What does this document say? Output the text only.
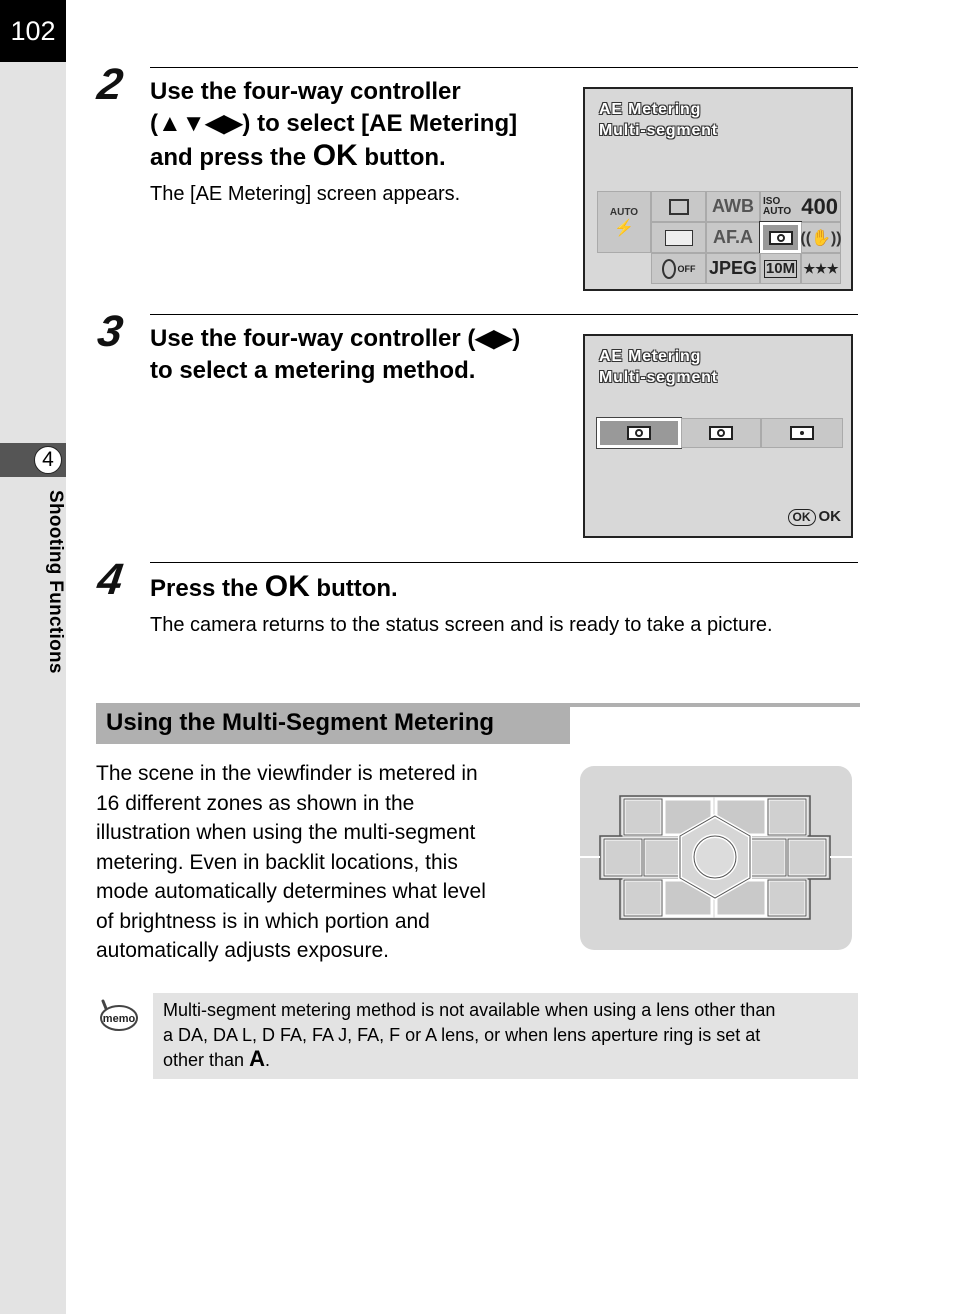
102
4
Shooting Functions
2 Use the four-way controller
(▲▼◀▶) to select [AE Metering]
and press the OK button.
The [AE Metering] screen appears.
AE Metering
Multi-segment
AUTO
⚡
AWB ISO
AUTO 400
AF.A	((✋))
OFF JPEG 10M ★★★
3 Use the four-way controller (◀▶)
to select a metering method.
AE Metering
Multi-segment
OK OK
4 Press the OK button.
The camera returns to the status screen and is ready to take a picture.
Using the Multi-Segment Metering
The scene in the viewfinder is metered in
16 different zones as shown in the
illustration when using the multi-segment
metering. Even in backlit locations, this
mode automatically determines what level
of brightness is in which portion and
automatically adjusts exposure.
memo Multi-segment metering method is not available when using a lens other than
a DA, DA L, D FA, FA J, FA, F or A lens, or when lens aperture ring is set at
other than A.
